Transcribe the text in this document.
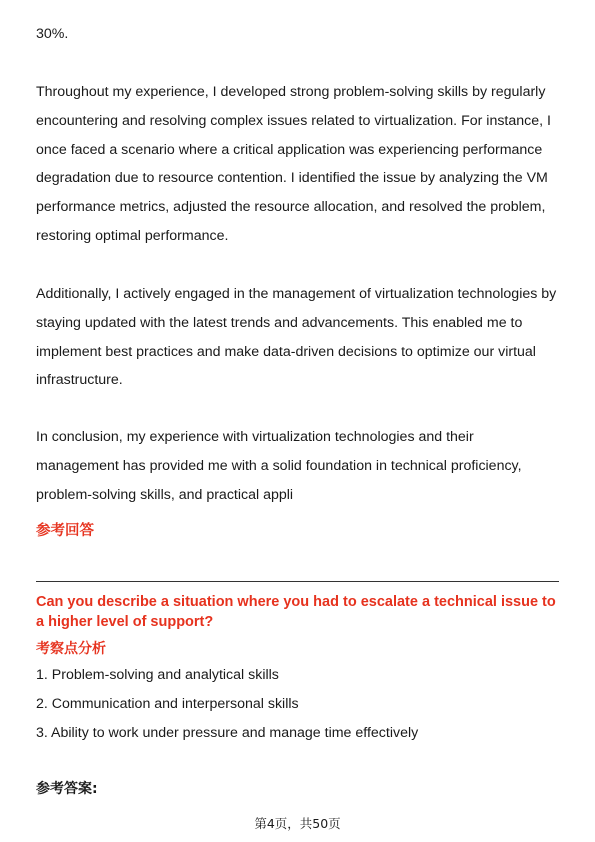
30%.

Throughout my experience, I developed strong problem-solving skills by regularly encountering and resolving complex issues related to virtualization. For instance, I once faced a scenario where a critical application was experiencing performance degradation due to resource contention. I identified the issue by analyzing the VM performance metrics, adjusted the resource allocation, and resolved the problem, restoring optimal performance.

Additionally, I actively engaged in the management of virtualization technologies by staying updated with the latest trends and advancements. This enabled me to implement best practices and make data-driven decisions to optimize our virtual infrastructure.

In conclusion, my experience with virtualization technologies and their management has provided me with a solid foundation in technical proficiency, problem-solving skills, and practical appli

参考回答

Can you describe a situation where you had to escalate a technical issue to a higher level of support?

考察点分析

1. Problem-solving and analytical skills
2. Communication and interpersonal skills
3. Ability to work under pressure and manage time effectively

参考答案:

第4页，共50页
